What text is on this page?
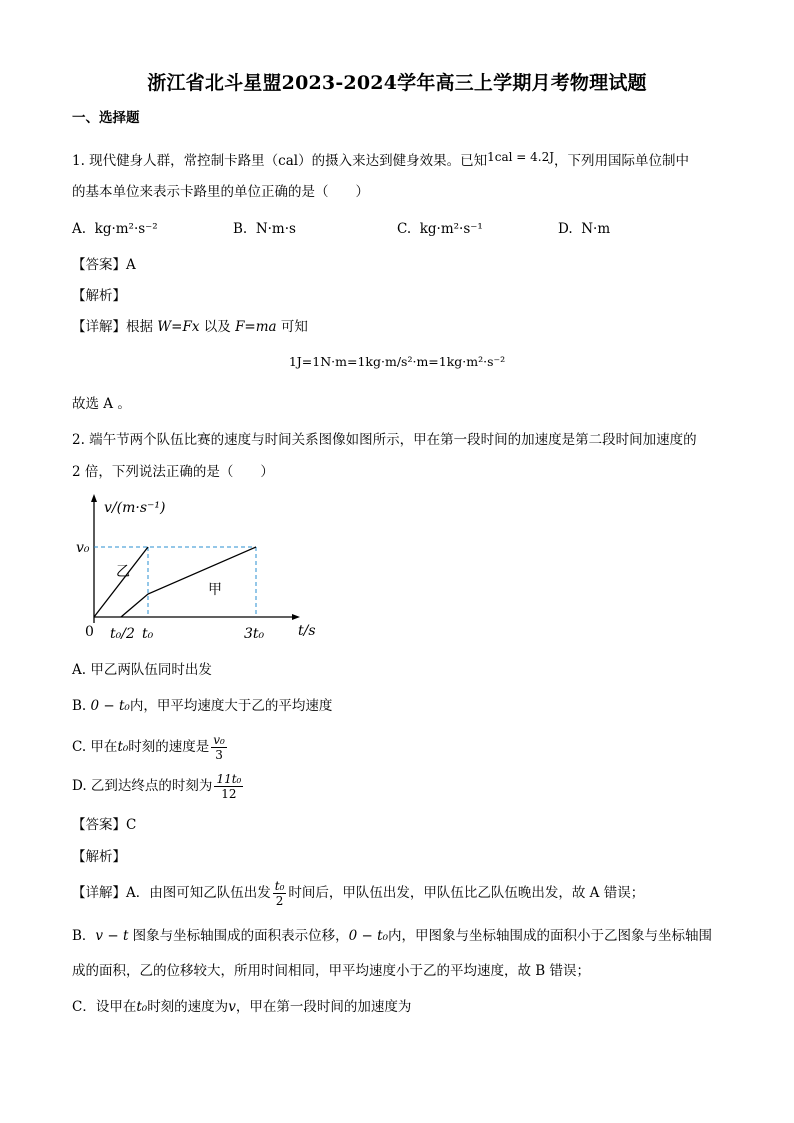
浙江省北斗星盟2023-2024学年高三上学期月考物理试题
一、选择题
1. 现代健身人群，常控制卡路里（cal）的摄入来达到健身效果。已知1cal = 4.2J，下列用国际单位制中
的基本单位来表示卡路里的单位正确的是（　　）
A. kg·m²·s⁻²	B. N·m·s	C. kg·m²·s⁻¹	D. N·m
【答案】A
【解析】
【详解】根据 W=Fx 以及 F=ma 可知
1J=1N·m=1kg·m/s²·m=1kg·m²·s⁻²
故选 A 。
2. 端午节两个队伍比赛的速度与时间关系图像如图所示，甲在第一段时间的加速度是第二段时间加速度的
2 倍，下列说法正确的是（　　）
v/(m·s⁻¹)
v₀
乙
甲
0 t₀/2 t₀	3t₀ t/s
A. 甲乙两队伍同时出发
B. 0 − t₀内，甲平均速度大于乙的平均速度
C. 甲在t₀时刻的速度是 $\frac{\text{v₀}}{3}$
D. 乙到达终点的时刻为 $\frac{\text{11t₀}}{12}$
【答案】C
【解析】
【详解】A．由图可知乙队伍出发 $\frac{\text{t₀}}{2}$ 时间后，甲队伍出发，甲队伍比乙队伍晚出发，故 A 错误；
B．v − t 图象与坐标轴围成的面积表示位移，0 − t₀内，甲图象与坐标轴围成的面积小于乙图象与坐标轴围
成的面积，乙的位移较大，所用时间相同，甲平均速度小于乙的平均速度，故 B 错误；
C．设甲在t₀时刻的速度为v，甲在第一段时间的加速度为
